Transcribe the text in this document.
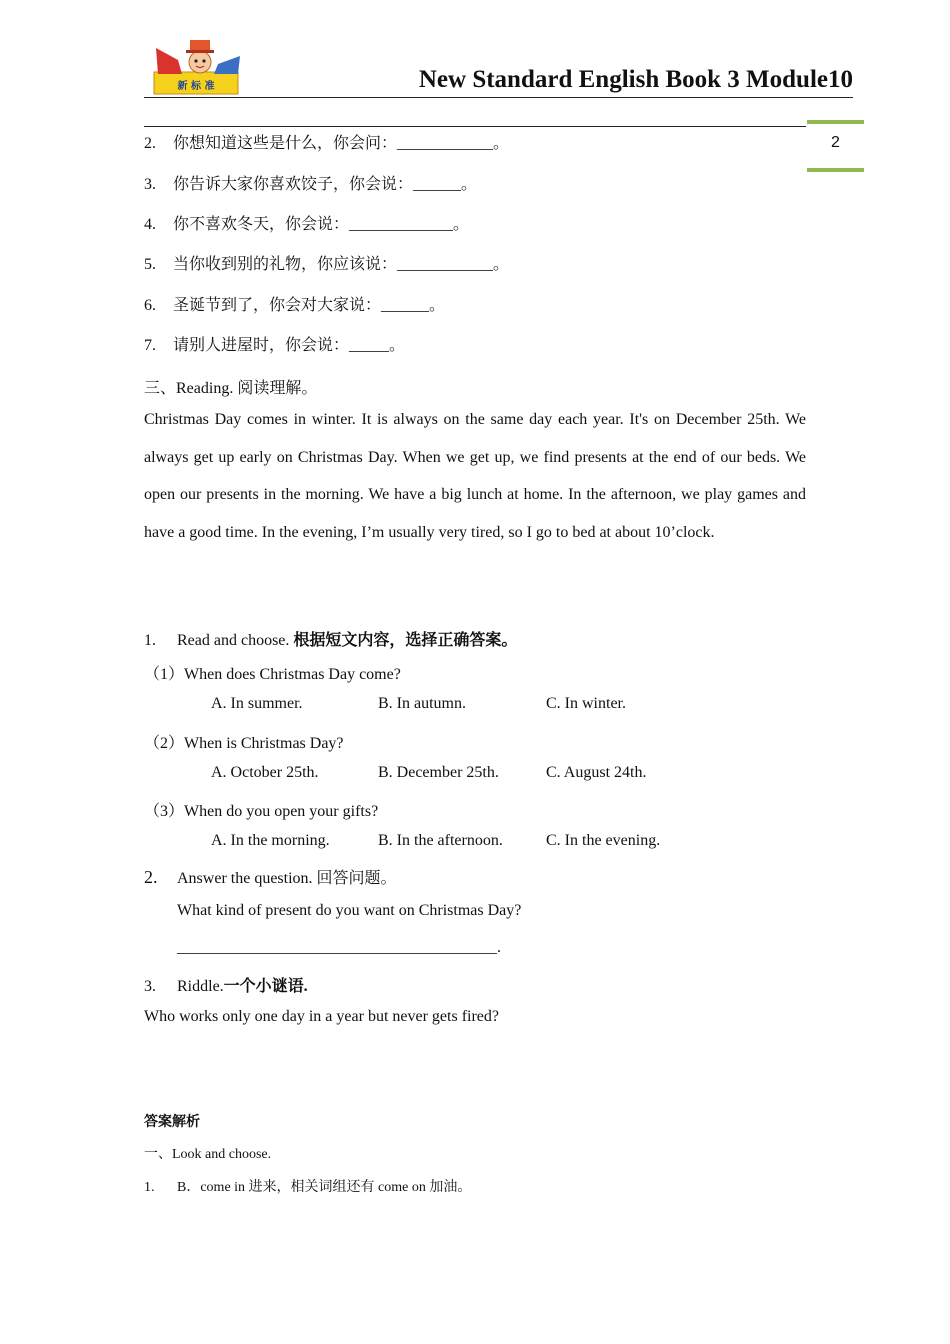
新 标 准	New Standard English Book 3 Module10
2
2. 你想知道这些是什么，你会问：____________。
3. 你告诉大家你喜欢饺子，你会说：______。
4. 你不喜欢冬天，你会说：_____________。
5. 当你收到别的礼物，你应该说：____________。
6. 圣诞节到了，你会对大家说：______。
7. 请别人进屋时，你会说：_____。
三、Reading. 阅读理解。
Christmas Day comes in winter. It is always on the same day each year. It's on December 25th. We always get up early on Christmas Day. When we get up, we find presents at the end of our beds. We open our presents in the morning. We have a big lunch at home. In the afternoon, we play games and have a good time. In the evening, I’m usually very tired, so I go to bed at about 10’clock.
1. Read and choose. 根据短文内容，选择正确答案。
（1）When does Christmas Day come?
A. In summer.	B. In autumn.	C. In winter.
（2）When is Christmas Day?
A. October 25th.	B. December 25th.	C. August 24th.
（3）When do you open your gifts?
A. In the morning.	B. In the afternoon.	C. In the evening.
2. Answer the question. 回答问题。
What kind of present do you want on Christmas Day?
________________________________________.
3. Riddle.一个小谜语.
Who works only one day in a year but never gets fired?
答案解析
一、Look and choose.
1. B．come in 进来，相关词组还有 come on 加油。
